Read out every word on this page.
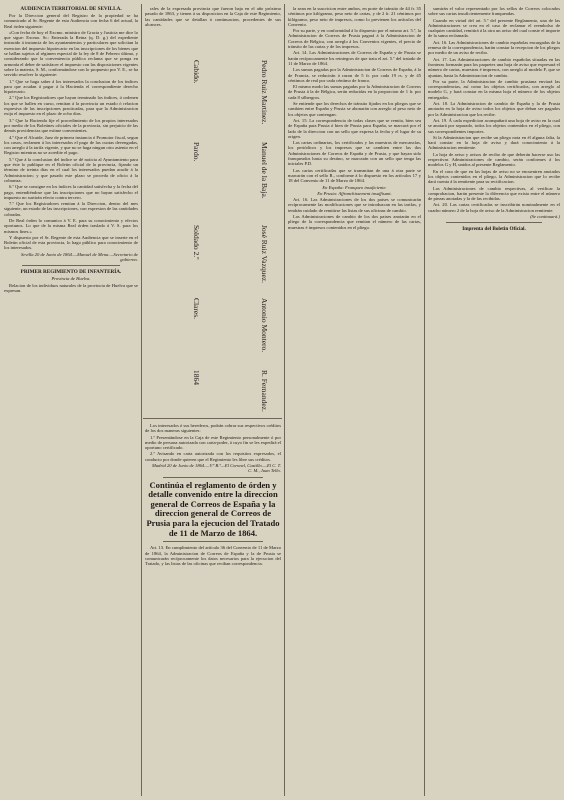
AUDIENCIA TERRITORIAL DE SEVILLA.

Por la Direccion general del Registro de la propiedad se ha comunicado al Sr. Regente de esta Audiencia con fecha 6 del actual, la Real órden siguiente:

«Con fecha de hoy el Excmo. ministro de Gracia y Justicia me dice lo que sigue: Excmo. Sr.: Enterada la Reina (q. D. g.) del expediente instruido á instancia de los ayuntamientos y particulares que solicitan la exencion del impuesto hipotecario en las inscripciones de los bienes que se hallan sujetos al régimen especial de la ley de 8 de Febrero último, y considerando que la conveniencia pública reclama que se ponga en armonía el deber de satisfacer el impuesto con las disposiciones vigentes sobre la materia, S. M., conformándose con lo propuesto por V. E., se ha servido resolver lo siguiente:

1.º Que se haga saber á los interesados la conclusion de los índices para que acudan á pagar á la Hacienda el correspondiente derecho hipotecario.

2.º Que los Registradores que hayan terminado los índices, ó ordenen los que se hallen en curso, remitan á la provincia un estado ó relacion expresiva de las inscripciones practicadas, para que la Administracion exija el impuesto en el plazo de ocho dias.

3.º Que la Hacienda fije el procedimiento de los propios interesados por medio de los Boletines oficiales de la provincia, sin perjuicio de las demás providencias que estime convenientes.

4.º Que el Alcaide, Juez de primera instancia ó Promotor fiscal, segun los casos, reclamen á los interesados el pago de las cuotas devengadas, con arreglo á la tarifa vigente, y que no se haga ningun otro asiento en el Registro mientras no se acredite el pago.

5.º Que á la conclusion del índice se dé noticia al Ayuntamiento para que éste lo publique en el Boletin oficial de la provincia, fijando un término de treinta dias en el cual los interesados puedan acudir á la Administracion; y que pasado este plazo se proceda de oficio á la cobranza.

6.º Que se consigne en los índices la cantidad satisfecha y la fecha del pago, entendiéndose que las inscripciones que no hayan satisfecho el impuesto no surtirán efecto contra tercero.

7.º Que los Registradores remitan á la Direccion, dentro del mes siguiente, un estado de las inscripciones, con expresion de las cantidades cobradas.

De Real órden lo comunico á V. E. para su conocimiento y efectos oportunos. Lo que de la misma Real órden traslado á V. S. para los mismos fines.»

Y dispuesto por el Sr. Regente de esta Audiencia que se inserte en el Boletin oficial de esta provincia, lo hago público para conocimiento de los interesados.

Sevilla 20 de Junio de 1864.—Manuel de Mena.—Secretario de gobierno.

PRIMER REGIMIENTO DE INFANTERÍA.

Provincia de Huelva.

Relacion de los individuos naturales de la provincia de Huelva que se expresan.

rales de la expresada provincia que fueron baja en el año próximo pasado de 1863, y tienen á su disposicion en la Caja de este Regimiento, las cantidades que se detallan á continuacion, procedentes de sus alcances.

Cabido.	Pedro Ruiz Martinez.
Pardo.	Manuel de la Baja.
Soldado 2.º	José Ruiz Vazquez.
Clares.	Antonio Montero.
1864	R. Fernandez.

Los interesados ó sus herederos, podrán cobrar sus respectivos créditos de los dos maneras siguientes:

1.º Presentándose en la Caja de este Regimiento personalmente ó por medio de persona autorizada con carta-poder, á cuyo fin se les expedirá el oportuno certificado.

2.º Avisando en carta autorizada con los requisitos expresados, el conducto por donde quieren que el Regimiento les libre sus créditos.

Madrid 20 de Junio de 1864.—V.º B.º—El Coronel, Castillo.—El C. T. C. M., Juan Tello.

Continúa el reglamento de órden y detalle convenido entre la direccion general de Correos de España y la direccion general de Correos de Prusia para la ejecucion del Tratado de 11 de Marzo de 1864.

Art. 13. En cumplimiento del artículo 36 del Convenio de 11 de Marzo de 1864, la Administracion de Correos de España y la de Prusia se comunicarán recíprocamente los datos necesarios para la ejecucion del Tratado, y las listas de las oficinas que reciban correspondencia.

la sean en la suscricion entre ambos, en porte de tránsito de 44 fr. 35 céntimos por kilógramo, peso neto de cartas, y de 2 fr. 21 céntimos por kilógramo, peso neto de impresos, como lo previenen los artículos del Convenio.

Por su parte, y en conformidad á lo dispuesto por el mismo art. 5.º, la Administracion de Correos de Prusia pagará á la Administracion de Correos de Bélgica, con arreglo á los Convenios vigentes, el precio de tránsito de las cartas y de los impresos.

Art. 14. Las Administraciones de Correos de España y de Prusia se harán recíprocamente los reintegros de que trata el art. 5.º del tratado de 11 de Marzo de 1864.

Los sumas pagadas por la Administracion de Correos de España, á la de Francia, se reducirán á razon de 5 fr. por cada 19 rs. y de 45 céntimos de real por cada céntimo de franco.

El mismo modo las sumas pagadas por la Administracion de Correos de Prusia á la de Bélgica, serán reducidas en la proporcion de 1 fr. por cada 8 silbergros.

Se entiende que los derechos de tránsito fijados en los pliegos que se cambien entre España y Prusia se abonarán con arreglo al peso neto de los objetos que contengan.

Art. 15. La correspondencia de todas clases que se remita, bien sea de España para Prusia ó bien de Prusia para España, se marcará por el lado de la direccion con un sello que expresa la fecha y el lugar de su origen.

Las cartas ordinarias, los certificados y las muestras de mercancías, los periódicos y los impresos que se cambien entre las dos Administraciones de Correos de España y de Prusia, y que hayan sido franqueados hasta su destino, se marcarán con un sello que tenga las iniciales P.D.

Las cartas certificadas que se transmitan de una á otra parte se marcarán con el sello R., conforme á lo dispuesto en los artículos 17 y 18 del Convenio de 11 de Marzo de 1864.

En España: Franqueo insuficiente.

En Prusia: Affranchissement insuffisant.

Art. 16. Las Administraciones de los dos paises se comunicarán recíprocamente las modificaciones que se introduzcan en las tarifas, y tendrán cuidado de remitirse las listas de sus oficinas de cambio.

Las Administraciones de cambio de los dos paises anotarán en el pliego de la correspondencia que remitan el número de las cartas, muestras é impresos contenidos en el pliego.

sumirán el valor representado por los sellos de Correos colocados sobre sus cartas insuficientemente franqueadas.

Cuando en virtud del art. 5.º del presente Reglamento, una de las Administraciones se crea en el caso de reclamar el reembolso de cualquier cantidad, remitirá á la otra un aviso del cual conste el importe de la suma reclamada.

Art. 16. Las Administraciones de cambio españolas encargadas de la remesa de la correspondencia, harán constar la recepcion de los pliegos por medio de un aviso de recibo.

Art. 17. Las Administraciones de cambio españolas situadas en las fronteras formarán para los paquetes una hoja de aviso que expresará el número de cartas, muestras é impresos, con arreglo al modelo F, que se ajuntan, hasta la Administracion de cambio.

Por su parte, la Administracion de cambio prusiana enviará las correspondencias, así como los objetos certificados, con arreglo al modelo G, y hará constar en la misma hoja el número de los objetos entregados.

Art. 18. La Administracion de cambio de España y la de Prusia anotarán en la hoja de aviso todos los objetos que deban ser pagados por la Administracion que los recibe.

Art. 19. Á cada expedicion acompañará una hoja de aviso en la cual se anotará por separado, todos los objetos contenidos en el pliego, con sus correspondientes importes.

Si la Administracion que recibe un pliego nota en él alguna falta, la hará constar en la hoja de aviso y dará conocimiento á la Administracion remitente.

La hoja de aviso y avisos de recibo de que deberán hacerse uso las respectivas Administraciones de cambio, serán conformes á los modelos G y H, unidos al presente Reglamento.

En el caso de que en las hojas de aviso no se encuentren anotados los objetos contenidos en el pliego, la Administracion que lo recibe dará cuenta á la remitente para su rectificacion.

Las Administraciones de cambio respectivas, al verificar la comprobacion, harán presente la diferencia que exista entre el número de piezas anotadas y la de las recibidas.

Art. 20. Las cartas certificadas se inscribirán nominalmente en el cuadro número 2 de la hoja de aviso de la Administracion remitente.

(Se continuará.)

Imprenta del Boletin Oficial.
